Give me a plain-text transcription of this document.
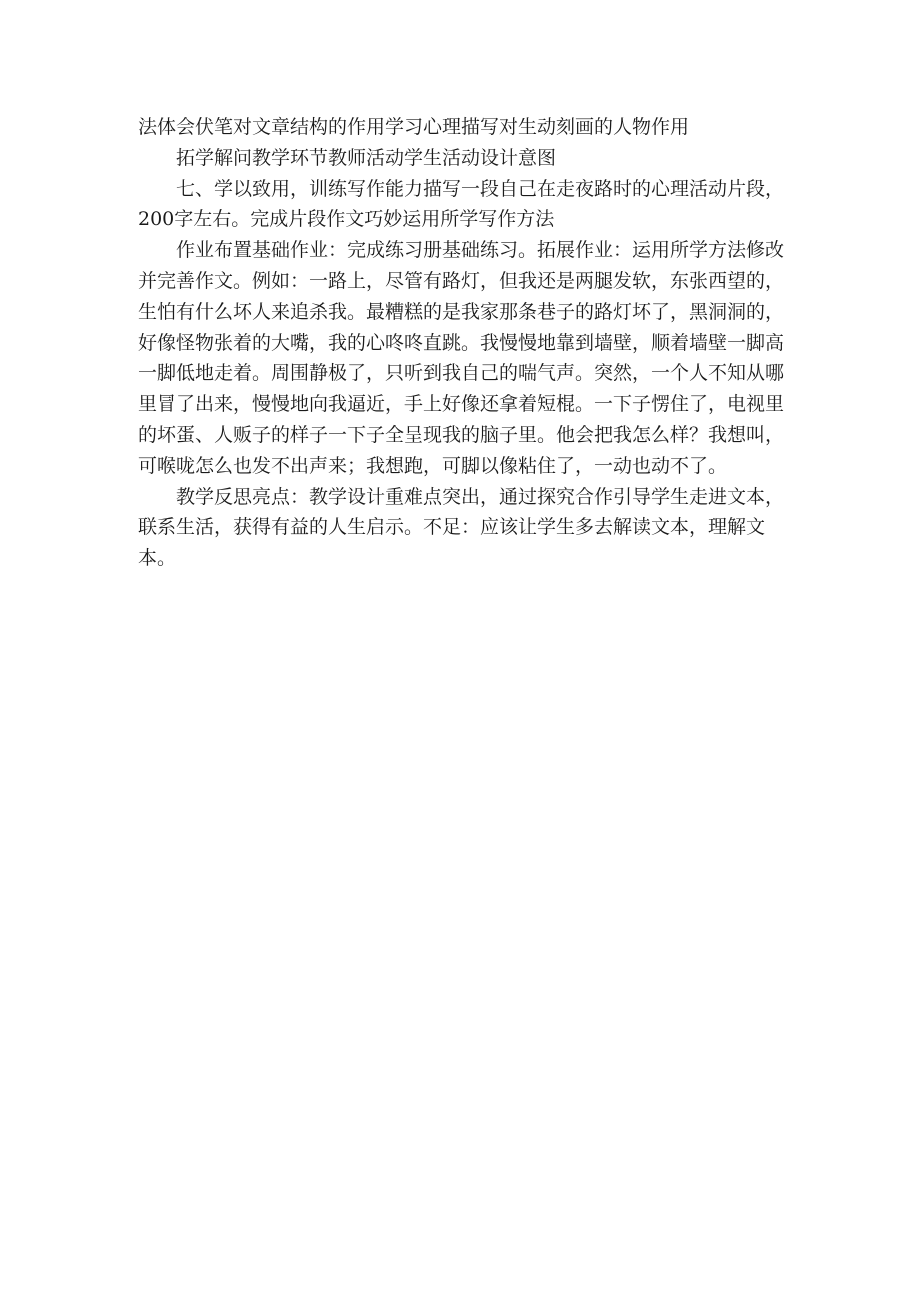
法体会伏笔对文章结构的作用学习心理描写对生动刻画的人物作用

拓学解问教学环节教师活动学生活动设计意图

七、学以致用，训练写作能力描写一段自己在走夜路时的心理活动片段，200字左右。完成片段作文巧妙运用所学写作方法

作业布置基础作业：完成练习册基础练习。拓展作业：运用所学方法修改并完善作文。例如：一路上，尽管有路灯，但我还是两腿发软，东张西望的，生怕有什么坏人来追杀我。最糟糕的是我家那条巷子的路灯坏了，黑洞洞的，好像怪物张着的大嘴，我的心咚咚直跳。我慢慢地靠到墙壁，顺着墙壁一脚高一脚低地走着。周围静极了，只听到我自己的喘气声。突然，一个人不知从哪里冒了出来，慢慢地向我逼近，手上好像还拿着短棍。一下子愣住了，电视里的坏蛋、人贩子的样子一下子全呈现我的脑子里。他会把我怎么样？我想叫，可喉咙怎么也发不出声来；我想跑，可脚以像粘住了，一动也动不了。

教学反思亮点：教学设计重难点突出，通过探究合作引导学生走进文本，联系生活，获得有益的人生启示。不足：应该让学生多去解读文本，理解文本。
